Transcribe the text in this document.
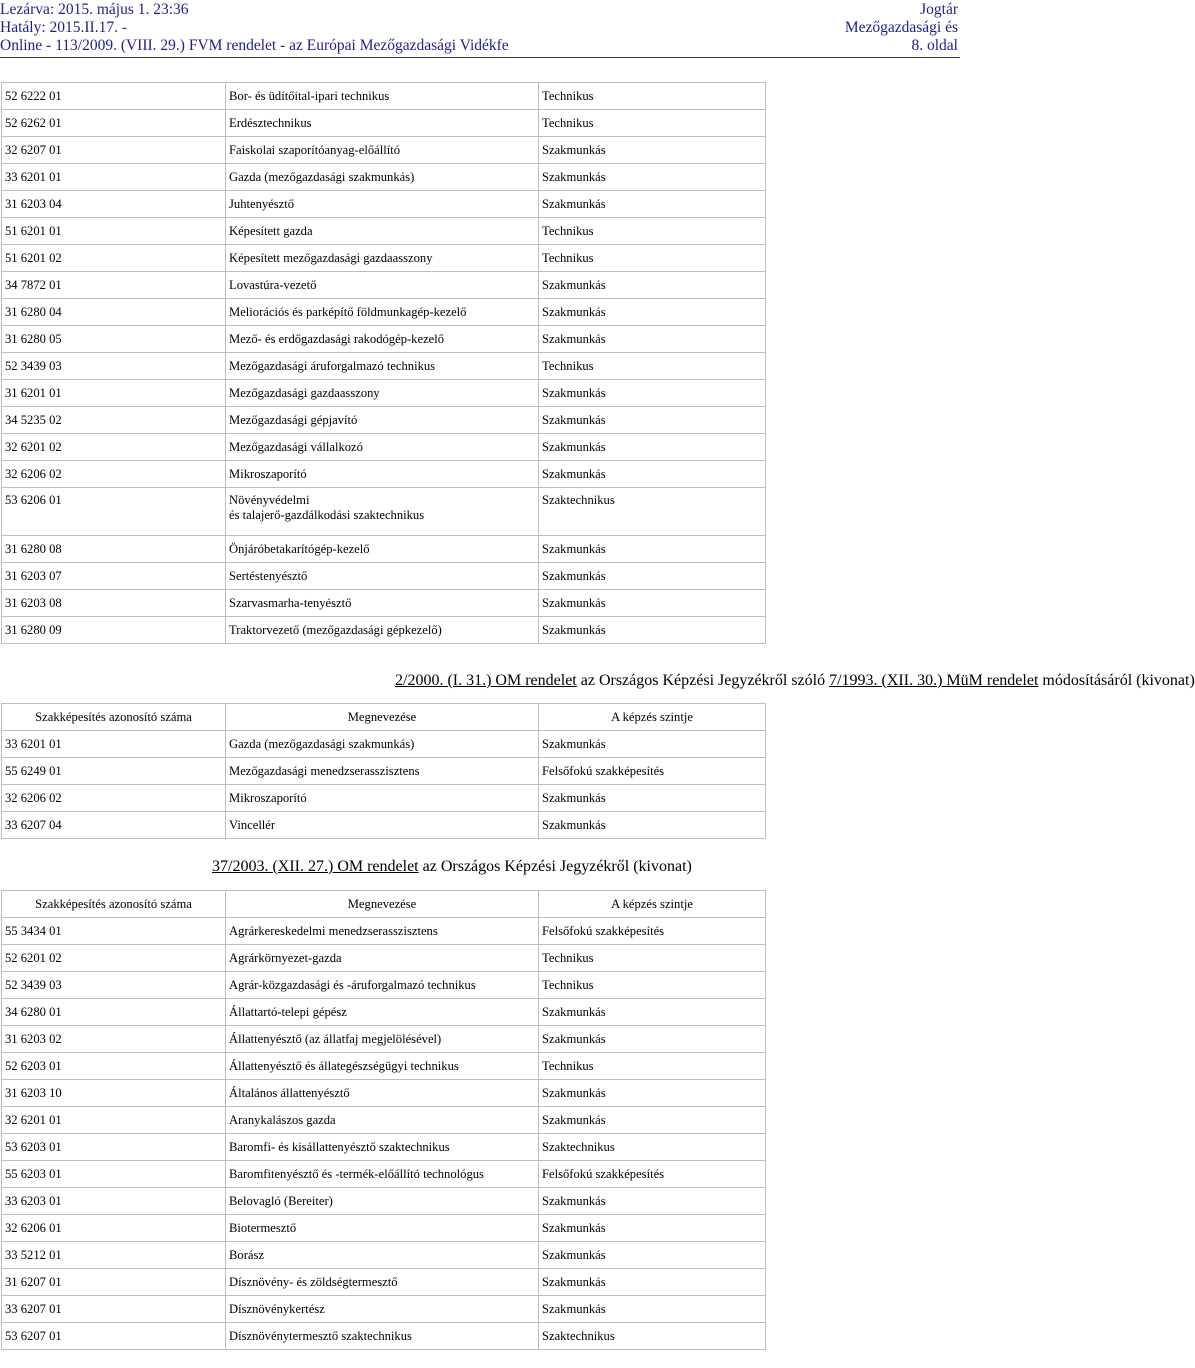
Lezárva: 2015. május 1. 23:36
Hatály: 2015.II.17. -
Online - 113/2009. (VIII. 29.) FVM rendelet - az Európai Mezőgazdasági Vidékfe
Jogtár
Mezőgazdasági és
8. oldal
52 6222 01	Bor- és üdítőital-ipari technikus	Technikus
52 6262 01	Erdésztechnikus	Technikus
32 6207 01	Faiskolai szaporítóanyag-előállító	Szakmunkás
33 6201 01	Gazda (mezőgazdasági szakmunkás)	Szakmunkás
31 6203 04	Juhtenyésztő	Szakmunkás
51 6201 01	Képesített gazda	Technikus
51 6201 02	Képesített mezőgazdasági gazdaasszony	Technikus
34 7872 01	Lovastúra-vezető	Szakmunkás
31 6280 04	Meliorációs és parképítő földmunkagép-kezelő	Szakmunkás
31 6280 05	Mező- és erdőgazdasági rakodógép-kezelő	Szakmunkás
52 3439 03	Mezőgazdasági áruforgalmazó technikus	Technikus
31 6201 01	Mezőgazdasági gazdaasszony	Szakmunkás
34 5235 02	Mezőgazdasági gépjavító	Szakmunkás
32 6201 02	Mezőgazdasági vállalkozó	Szakmunkás
32 6206 02	Mikroszaporító	Szakmunkás
53 6206 01	Növényvédelmi
és talajerő-gazdálkodási szaktechnikus	Szaktechnikus
31 6280 08	Önjáróbetakarítógép-kezelő	Szakmunkás
31 6203 07	Sertéstenyésztő	Szakmunkás
31 6203 08	Szarvasmarha-tenyésztő	Szakmunkás
31 6280 09	Traktorvezető (mezőgazdasági gépkezelő)	Szakmunkás
2/2000. (I. 31.) OM rendelet az Országos Képzési Jegyzékről szóló 7/1993. (XII. 30.) MüM rendelet módosításáról (kivonat)
Szakképesítés azonosító száma	Megnevezése	A képzés szintje
33 6201 01	Gazda (mezőgazdasági szakmunkás)	Szakmunkás
55 6249 01	Mezőgazdasági menedzserasszisztens	Felsőfokú szakképesítés
32 6206 02	Mikroszaporító	Szakmunkás
33 6207 04	Vincellér	Szakmunkás
37/2003. (XII. 27.) OM rendelet az Országos Képzési Jegyzékről (kivonat)
Szakképesítés azonosító száma	Megnevezése	A képzés szintje
55 3434 01	Agrárkereskedelmi menedzserasszisztens	Felsőfokú szakképesítés
52 6201 02	Agrárkörnyezet-gazda	Technikus
52 3439 03	Agrár-közgazdasági és -áruforgalmazó technikus	Technikus
34 6280 01	Állattartó-telepi gépész	Szakmunkás
31 6203 02	Állattenyésztő (az állatfaj megjelölésével)	Szakmunkás
52 6203 01	Állattenyésztő és állategészségügyi technikus	Technikus
31 6203 10	Általános állattenyésztő	Szakmunkás
32 6201 01	Aranykalászos gazda	Szakmunkás
53 6203 01	Baromfi- és kisállattenyésztő szaktechnikus	Szaktechnikus
55 6203 01	Baromfitenyésztő és -termék-előállító technológus	Felsőfokú szakképesítés
33 6203 01	Belovagló (Bereiter)	Szakmunkás
32 6206 01	Biotermesztő	Szakmunkás
33 5212 01	Borász	Szakmunkás
31 6207 01	Dísznövény- és zöldségtermesztő	Szakmunkás
33 6207 01	Dísznövénykertész	Szakmunkás
53 6207 01	Dísznövénytermesztő szaktechnikus	Szaktechnikus
